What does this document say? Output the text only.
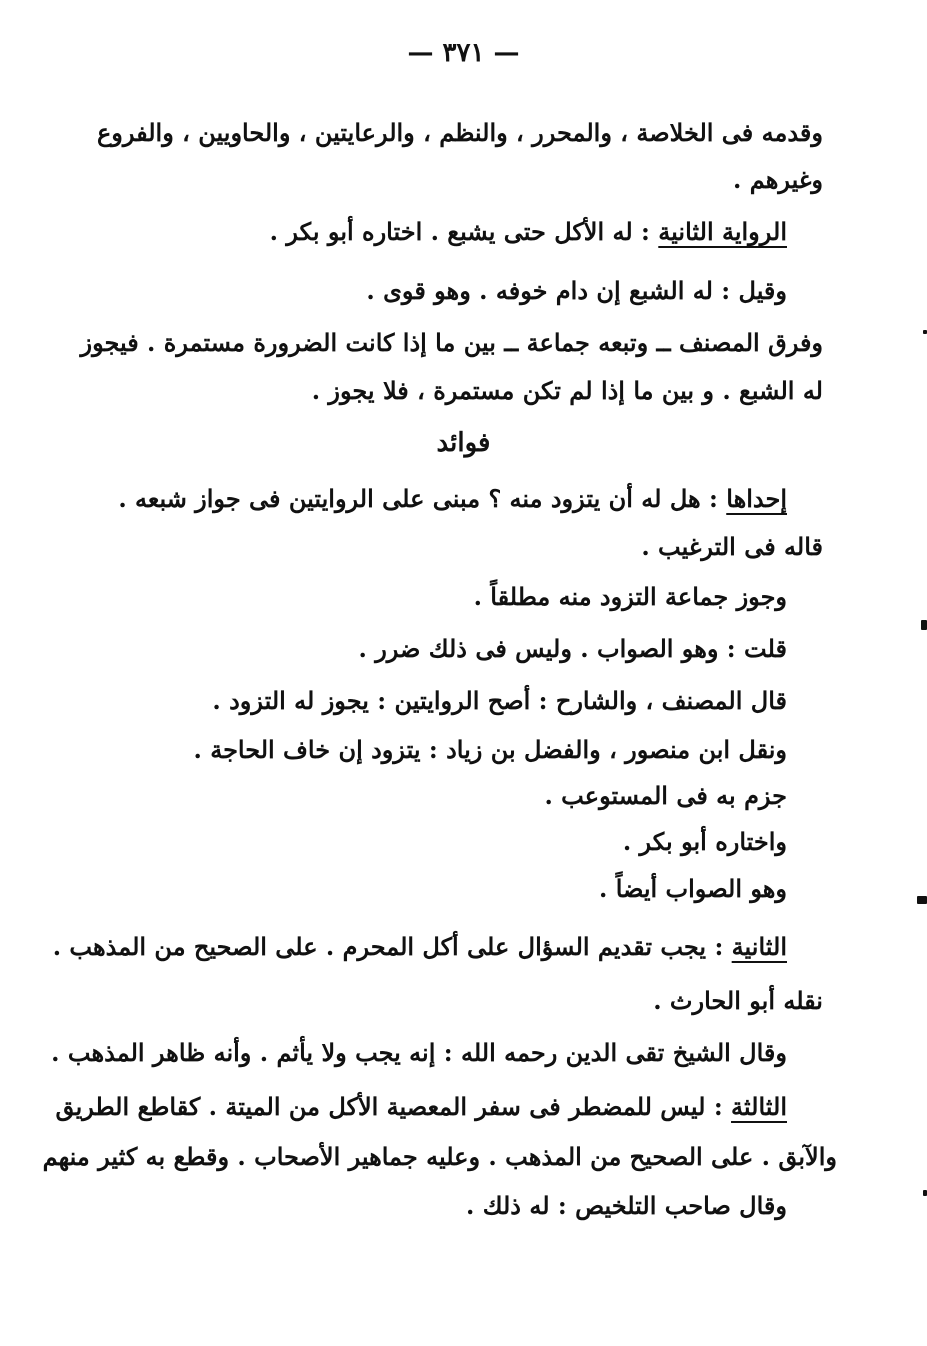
— ٣٧١ —
وقدمه فى الخلاصة ، والمحرر ، والنظم ، والرعايتين ، والحاويين ، والفروع
وغيرهم .
الرواية الثانية : له الأكل حتى يشبع . اختاره أبو بكر .
وقيل : له الشبع إن دام خوفه . وهو قوى .
وفرق المصنف ــ وتبعه جماعة ــ بين ما إذا كانت الضرورة مستمرة . فيجوز
له الشبع . و بين ما إذا لم تكن مستمرة ، فلا يجوز .
فوائد
إحداها : هل له أن يتزود منه ؟ مبنى على الروايتين فى جواز شبعه .
قاله فى الترغيب .
وجوز جماعة التزود منه مطلقاً .
قلت : وهو الصواب . وليس فى ذلك ضرر .
قال المصنف ، والشارح : أصح الروايتين : يجوز له التزود .
ونقل ابن منصور ، والفضل بن زياد : يتزود إن خاف الحاجة .
جزم به فى المستوعب .
واختاره أبو بكر .
وهو الصواب أيضاً .
الثانية : يجب تقديم السؤال على أكل المحرم . على الصحيح من المذهب .
نقله أبو الحارث .
وقال الشيخ تقى الدين رحمه الله : إنه يجب ولا يأثم . وأنه ظاهر المذهب .
الثالثة : ليس للمضطر فى سفر المعصية الأكل من الميتة . كقاطع الطريق
والآبق . على الصحيح من المذهب . وعليه جماهير الأصحاب . وقطع به كثير منهم
وقال صاحب التلخيص : له ذلك .
